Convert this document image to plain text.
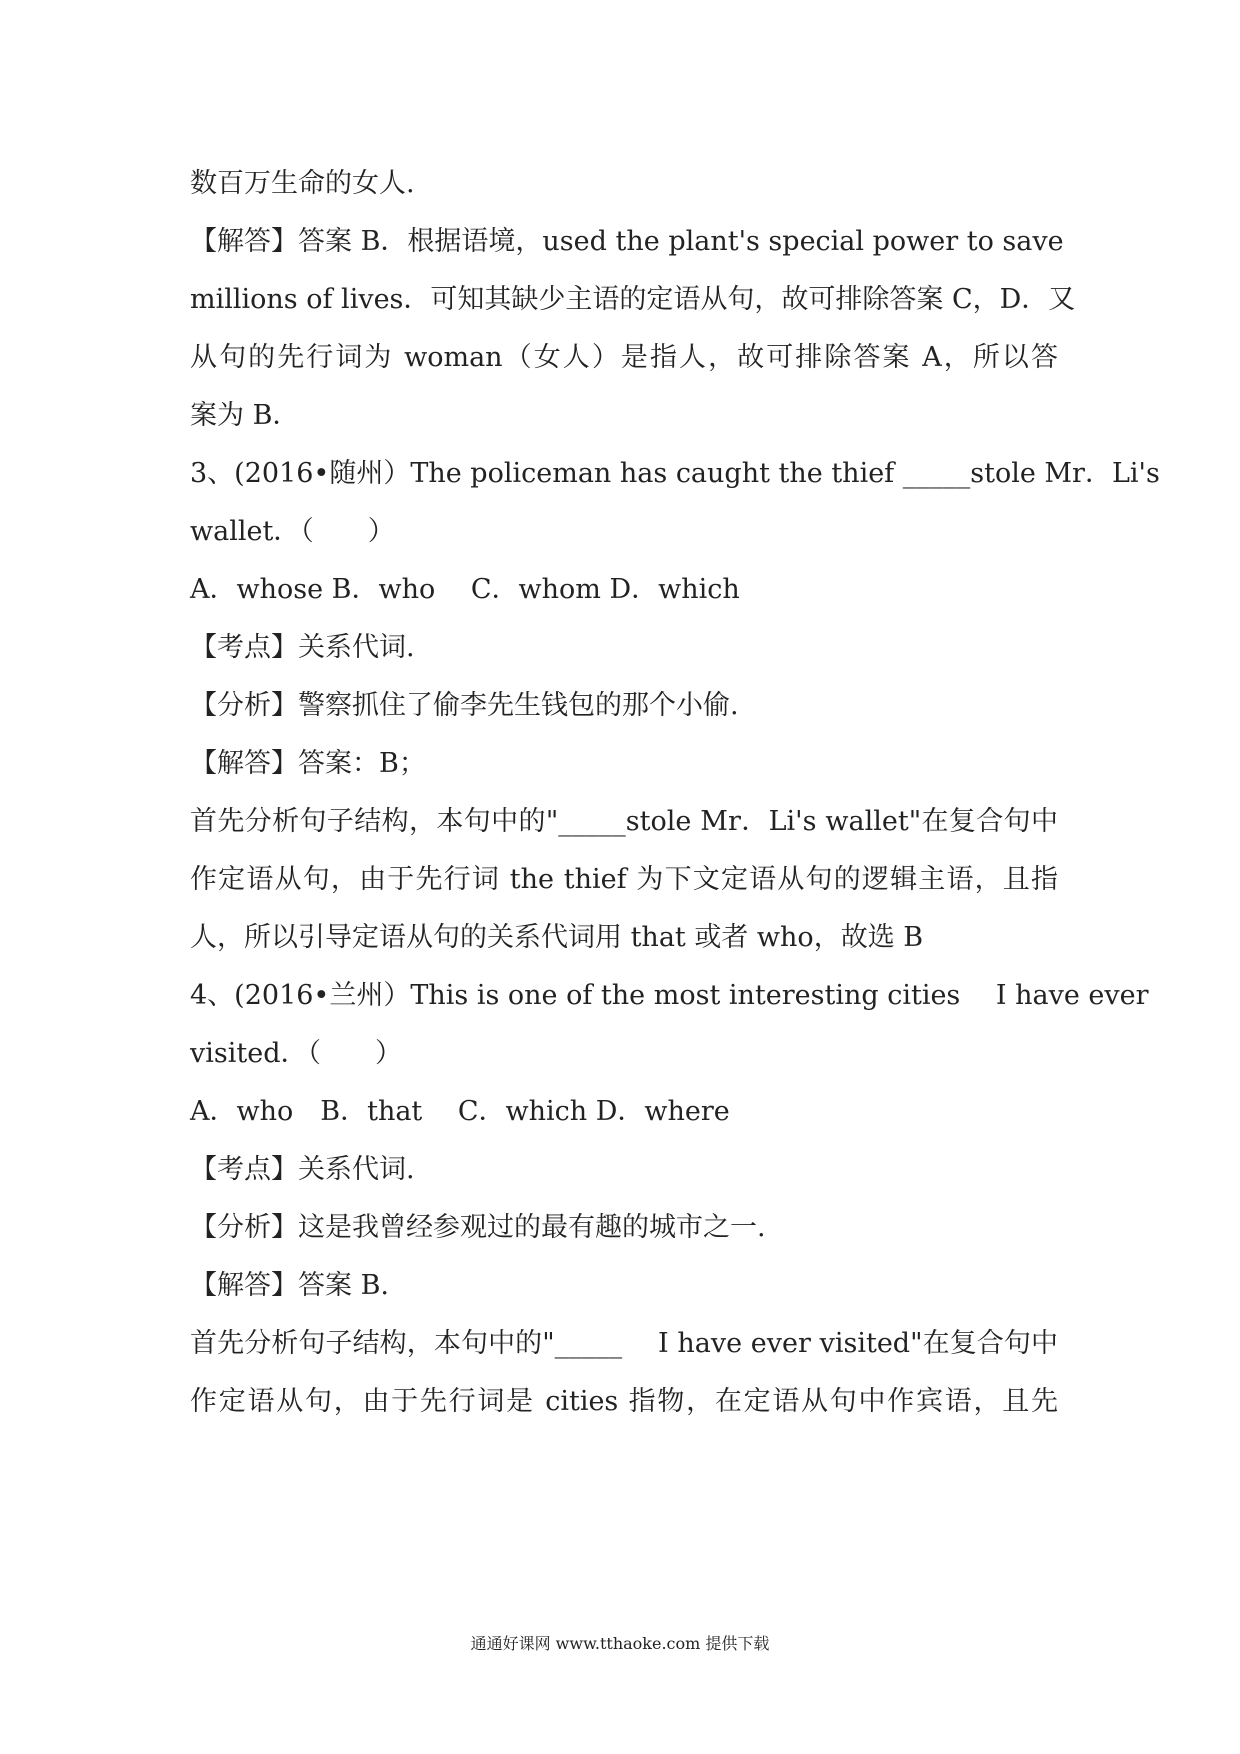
数百万生命的女人.
【解答】答案 B．根据语境，used the plant's special power to save
millions of lives．可知其缺少主语的定语从句，故可排除答案 C，D．又
从句的先行词为 woman（女人）是指人，故可排除答案 A，所以答
案为 B．
3、(2016•随州）The policeman has caught the thief _____stole Mr．Li's
wallet．（　　）
A．whose B．who　 C．whom D．which
【考点】关系代词.
【分析】警察抓住了偷李先生钱包的那个小偷.
【解答】答案：B；
首先分析句子结构，本句中的"_____stole Mr．Li's wallet"在复合句中
作定语从句，由于先行词 the thief 为下文定语从句的逻辑主语，且指
人，所以引导定语从句的关系代词用 that 或者 who，故选 B
4、(2016•兰州）This is one of the most interesting cities　 I have ever
visited．（　　）
A．who　B．that　 C．which D．where
【考点】关系代词.
【分析】这是我曾经参观过的最有趣的城市之一.
【解答】答案 B.
首先分析句子结构，本句中的"_____　 I have ever visited"在复合句中
作定语从句，由于先行词是 cities 指物，在定语从句中作宾语，且先
通通好课网 www.tthaoke.com 提供下载
